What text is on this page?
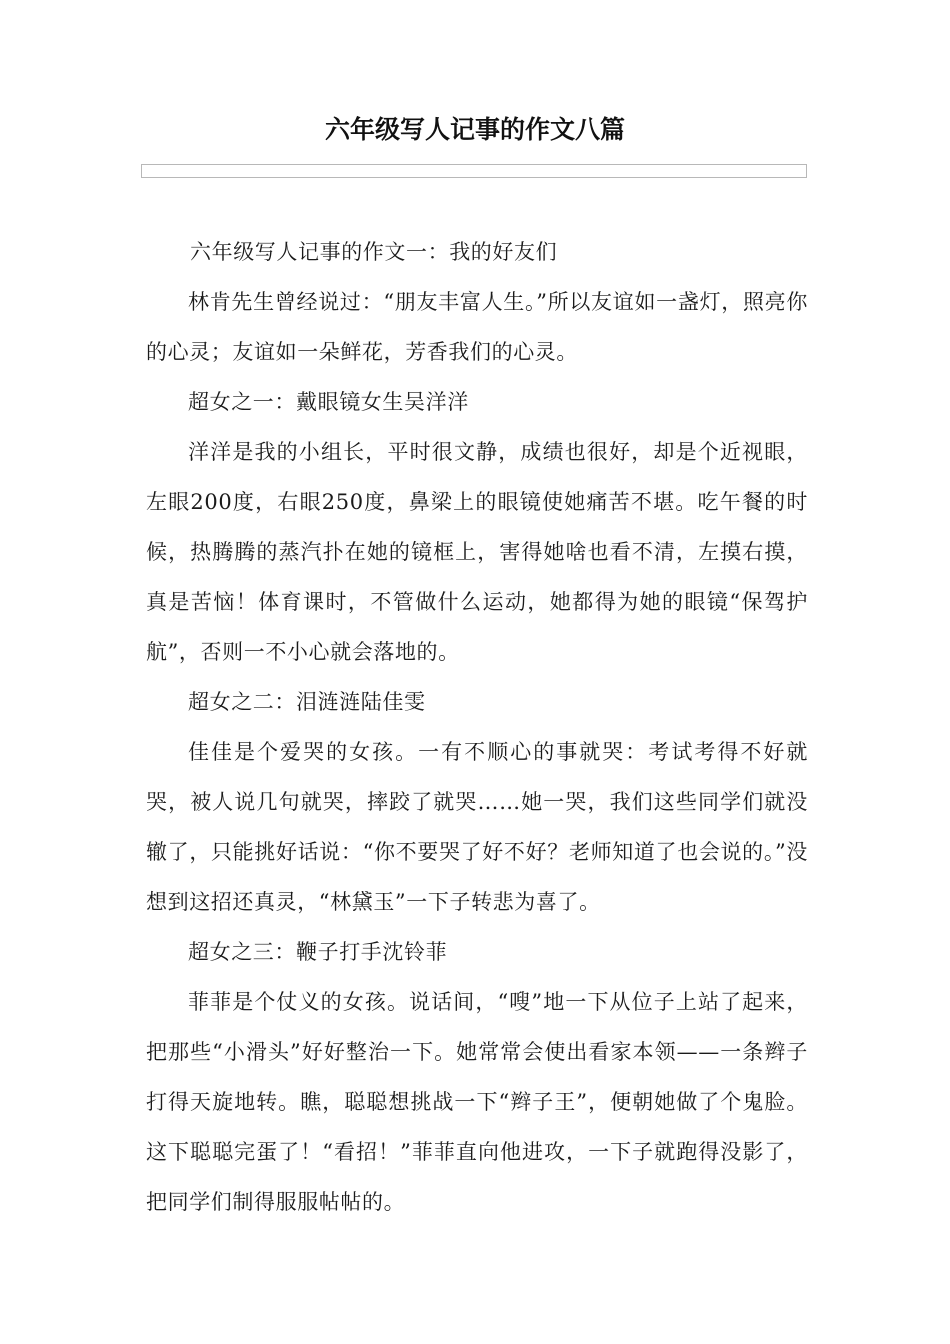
六年级写人记事的作文八篇

六年级写人记事的作文一：我的好友们

林肯先生曾经说过：“朋友丰富人生。”所以友谊如一盏灯，照亮你的心灵；友谊如一朵鲜花，芳香我们的心灵。

超女之一：戴眼镜女生吴洋洋

洋洋是我的小组长，平时很文静，成绩也很好，却是个近视眼，左眼200度，右眼250度，鼻梁上的眼镜使她痛苦不堪。吃午餐的时候，热腾腾的蒸汽扑在她的镜框上，害得她啥也看不清，左摸右摸，真是苦恼！体育课时，不管做什么运动，她都得为她的眼镜“保驾护航”，否则一不小心就会落地的。

超女之二：泪涟涟陆佳雯

佳佳是个爱哭的女孩。一有不顺心的事就哭：考试考得不好就哭，被人说几句就哭，摔跤了就哭……她一哭，我们这些同学们就没辙了，只能挑好话说：“你不要哭了好不好？老师知道了也会说的。”没想到这招还真灵，“林黛玉”一下子转悲为喜了。

超女之三：鞭子打手沈铃菲

菲菲是个仗义的女孩。说话间，“嗖”地一下从位子上站了起来，把那些“小滑头”好好整治一下。她常常会使出看家本领——一条辫子打得天旋地转。瞧，聪聪想挑战一下“辫子王”，便朝她做了个鬼脸。这下聪聪完蛋了！“看招！”菲菲直向他进攻，一下子就跑得没影了，把同学们制得服服帖帖的。
